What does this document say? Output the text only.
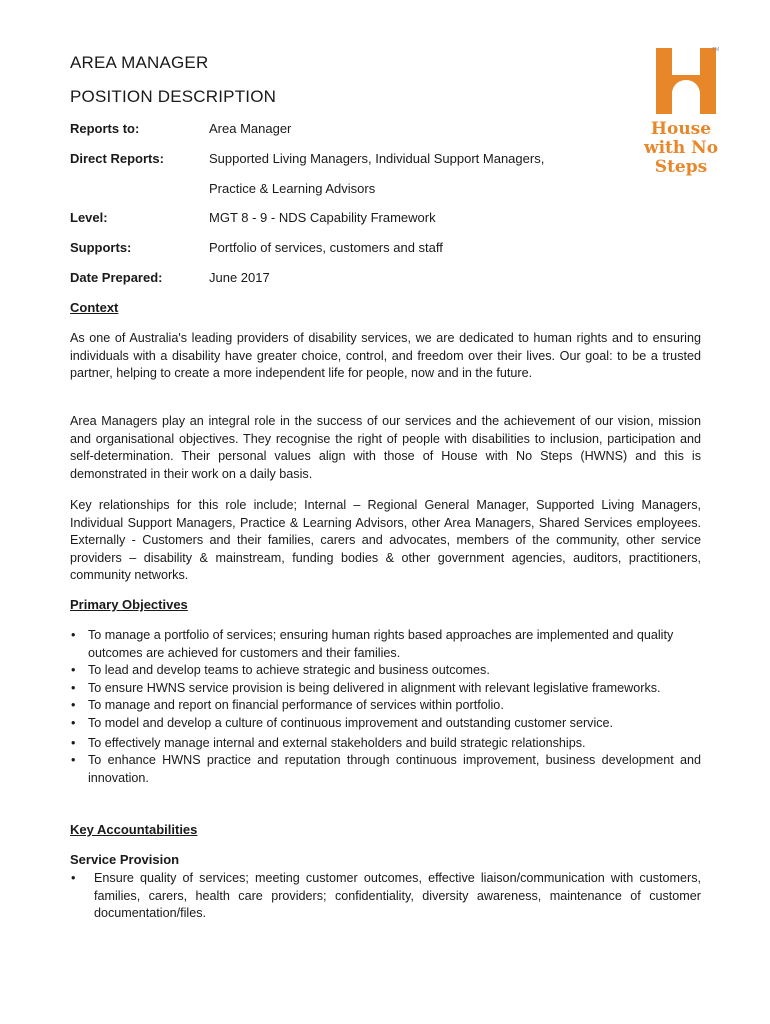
AREA MANAGER
POSITION DESCRIPTION
House
with No
Steps
TM
Reports to:	Area Manager
Direct Reports:	Supported Living Managers, Individual Support Managers,
Practice & Learning Advisors
Level:	MGT 8 - 9 - NDS Capability Framework
Supports:	Portfolio of services, customers and staff
Date Prepared:	June 2017
Context

As one of Australia's leading providers of disability services, we are dedicated to human rights and to ensuring individuals with a disability have greater choice, control, and freedom over their lives. Our goal: to be a trusted partner, helping to create a more independent life for people, now and in the future.

Area Managers play an integral role in the success of our services and the achievement of our vision, mission and organisational objectives. They recognise the right of people with disabilities to inclusion, participation and self-determination. Their personal values align with those of House with No Steps (HWNS) and this is demonstrated in their work on a daily basis.

Key relationships for this role include; Internal – Regional General Manager, Supported Living Managers, Individual Support Managers, Practice & Learning Advisors, other Area Managers, Shared Services employees. Externally - Customers and their families, carers and advocates, members of the community, other service providers – disability & mainstream, funding bodies & other government agencies, auditors, practitioners, community networks.

Primary Objectives
• To manage a portfolio of services; ensuring human rights based approaches are implemented and quality outcomes are achieved for customers and their families.
• To lead and develop teams to achieve strategic and business outcomes.
• To ensure HWNS service provision is being delivered in alignment with relevant legislative frameworks.
• To manage and report on financial performance of services within portfolio.
• To model and develop a culture of continuous improvement and outstanding customer service.
• To effectively manage internal and external stakeholders and build strategic relationships.
• To enhance HWNS practice and reputation through continuous improvement, business development and innovation.
Key Accountabilities
Service Provision
• Ensure quality of services; meeting customer outcomes, effective liaison/communication with customers, families, carers, health care providers; confidentiality, diversity awareness, maintenance of customer documentation/files.
